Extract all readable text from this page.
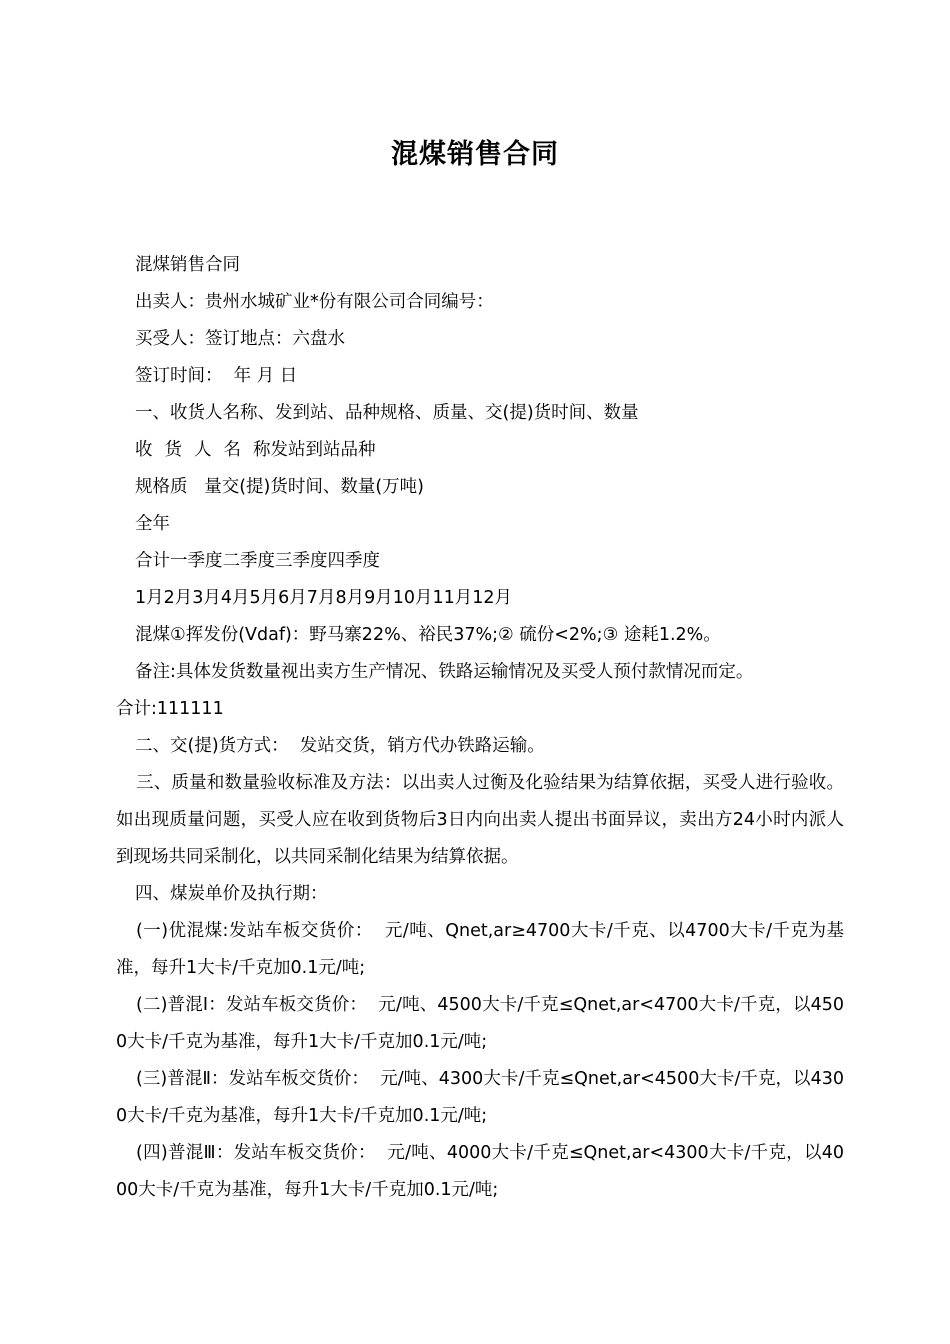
混煤销售合同
混煤销售合同
出卖人：贵州水城矿业*份有限公司合同编号：
买受人：签订地点：六盘水
签订时间：  年 月 日
一、收货人名称、发到站、品种规格、质量、交(提)货时间、数量
收货人名称发站到站品种
规格质   量交(提)货时间、数量(万吨)
全年
合计一季度二季度三季度四季度
1月2月3月4月5月6月7月8月9月10月11月12月
混煤①挥发份(Vdaf)：野马寨22%、裕民37%;② 硫份<2%;③ 途耗1.2%。
备注:具体发货数量视出卖方生产情况、铁路运输情况及买受人预付款情况而定。
合计:111111
二、交(提)货方式：  发站交货，销方代办铁路运输。
三、质量和数量验收标准及方法：以出卖人过衡及化验结果为结算依据，买受人进行验收。如出现质量问题，买受人应在收到货物后3日内向出卖人提出书面异议，卖出方24小时内派人到现场共同采制化，以共同采制化结果为结算依据。
四、煤炭单价及执行期：
(一)优混煤:发站车板交货价：  元/吨、Qnet,ar≥4700大卡/千克、以4700大卡/千克为基准，每升1大卡/千克加0.1元/吨;
(二)普混Ⅰ：发站车板交货价：  元/吨、4500大卡/千克≤Qnet,ar<4700大卡/千克，以4500大卡/千克为基准，每升1大卡/千克加0.1元/吨;
(三)普混Ⅱ：发站车板交货价：  元/吨、4300大卡/千克≤Qnet,ar<4500大卡/千克，以4300大卡/千克为基准，每升1大卡/千克加0.1元/吨;
(四)普混Ⅲ：发站车板交货价：  元/吨、4000大卡/千克≤Qnet,ar<4300大卡/千克，以4000大卡/千克为基准，每升1大卡/千克加0.1元/吨;
